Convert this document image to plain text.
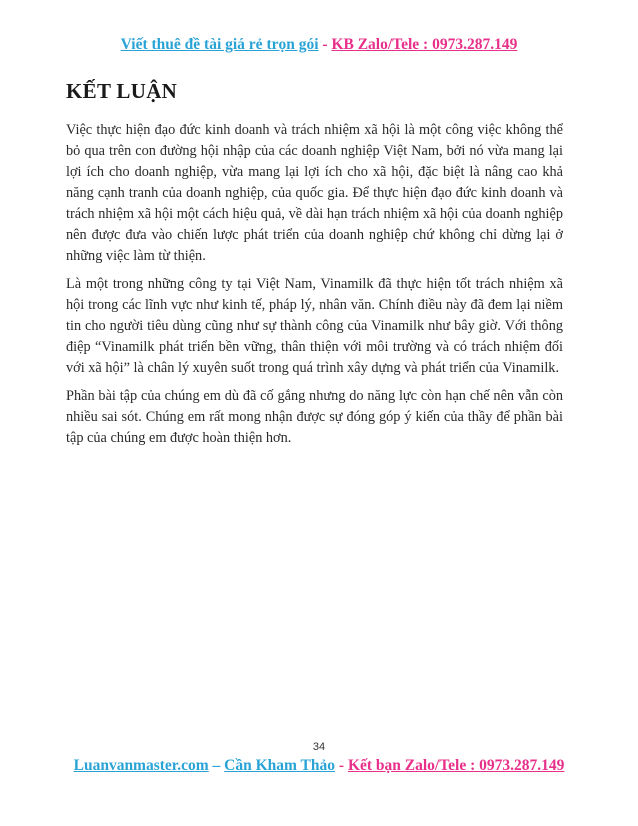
Viết thuê đề tài giá rẻ trọn gói - KB Zalo/Tele : 0973.287.149
KẾT LUẬN

Việc thực hiện đạo đức kinh doanh và trách nhiệm xã hội là một công việc không thể bỏ qua trên con đường hội nhập của các doanh nghiệp Việt Nam, bởi nó vừa mang lại lợi ích cho doanh nghiệp, vừa mang lại lợi ích cho xã hội, đặc biệt là nâng cao khả năng cạnh tranh của doanh nghiệp, của quốc gia. Để thực hiện đạo đức kinh doanh và trách nhiệm xã hội một cách hiệu quả, về dài hạn trách nhiệm xã hội của doanh nghiệp nên được đưa vào chiến lược phát triển của doanh nghiệp chứ không chỉ dừng lại ở những việc làm từ thiện.

Là một trong những công ty tại Việt Nam, Vinamilk đã thực hiện tốt trách nhiệm xã hội trong các lĩnh vực như kinh tế, pháp lý, nhân văn. Chính điều này đã đem lại niềm tin cho người tiêu dùng cũng như sự thành công của Vinamilk như bây giờ. Với thông điệp “Vinamilk phát triển bền vững, thân thiện với môi trường và có trách nhiệm đối với xã hội” là chân lý xuyên suốt trong quá trình xây dựng và phát triển của Vinamilk.

Phần bài tập của chúng em dù đã cố gắng nhưng do năng lực còn hạn chế nên vẫn còn nhiều sai sót. Chúng em rất mong nhận được sự đóng góp ý kiến của thầy để phần bài tập của chúng em được hoàn thiện hơn.

34
Luanvanmaster.com – Cần Kham Thảo - Kết bạn Zalo/Tele : 0973.287.149
